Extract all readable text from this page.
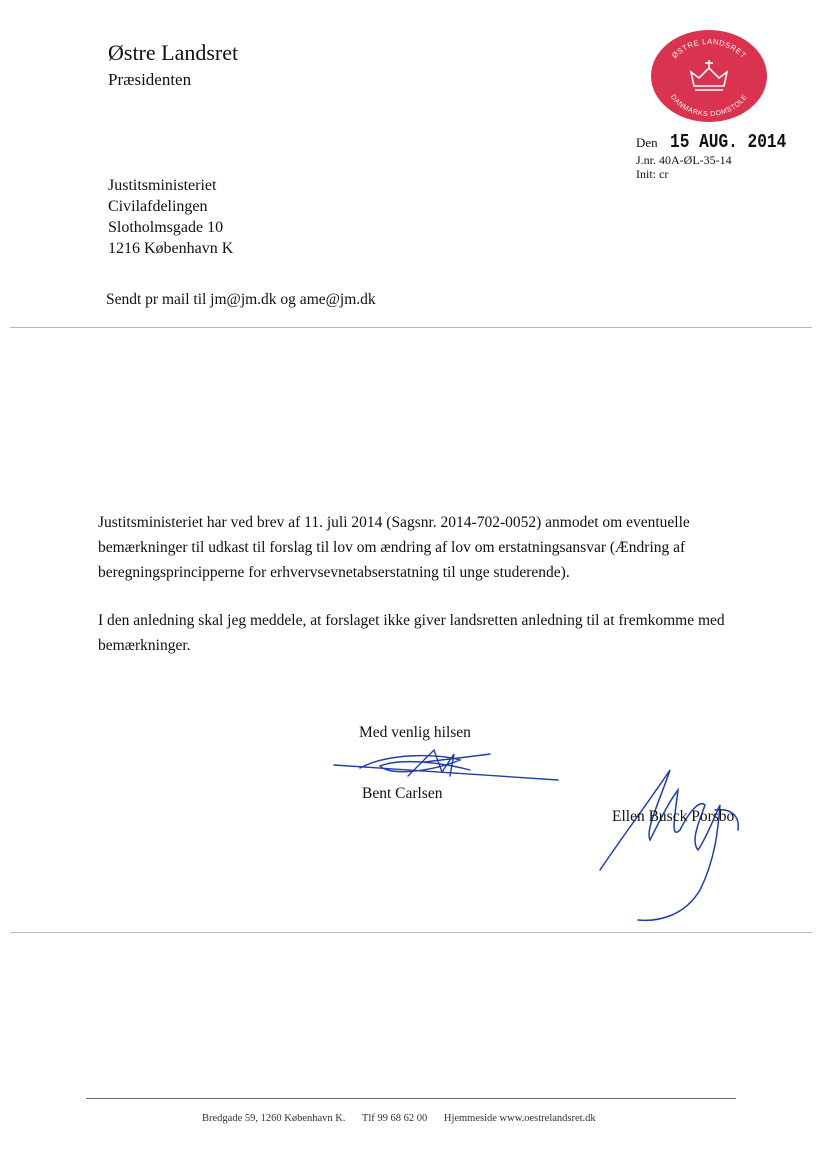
Østre Landsret
Præsidenten
ØSTRE LANDSRET
DANMARKS DOMSTOLE
Den 15 AUG. 2014
J.nr. 40A-ØL-35-14
Init: cr
Justitsministeriet
Civilafdelingen
Slotholmsgade 10
1216 København K
Sendt pr mail til jm@jm.dk og ame@jm.dk

Justitsministeriet har ved brev af 11. juli 2014 (Sagsnr. 2014-702-0052) anmodet om eventuelle bemærkninger til udkast til forslag til lov om ændring af lov om erstatningsansvar (Ændring af beregningsprincipperne for erhvervsevnetabserstatning til unge studerende).

I den anledning skal jeg meddele, at forslaget ikke giver landsretten anledning til at fremkomme med bemærkninger.

Med venlig hilsen
Bent Carlsen
Ellen Busck Porsbo
Bredgade 59, 1260 København K. Tlf 99 68 62 00 Hjemmeside www.oestrelandsret.dk
